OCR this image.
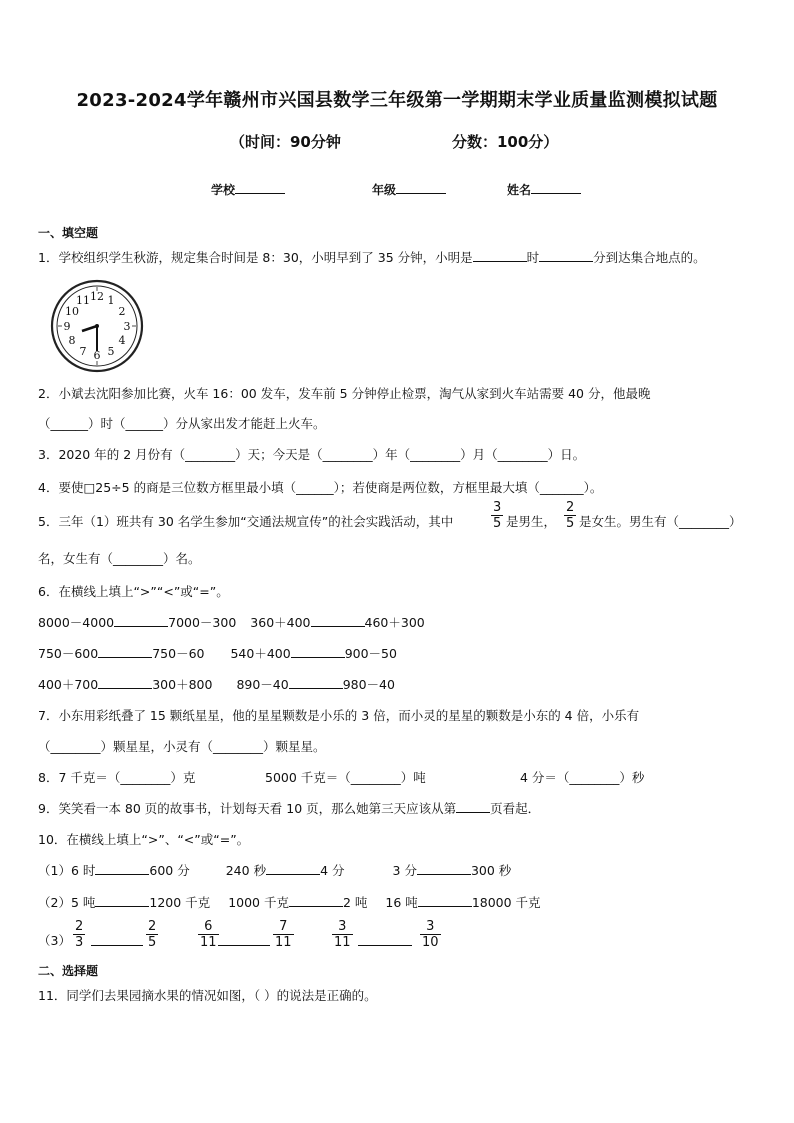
2023-2024学年赣州市兴国县数学三年级第一学期期末学业质量监测模拟试题
（时间：90分钟	分数：100分）
学校	年级	姓名
一、填空题
1．学校组织学生秋游，规定集合时间是 8：30，小明早到了 35 分钟，小明是	时	分到达集合地点的。
12
11 1
10	2
9	3
8	4
7 5
6
2．小斌去沈阳参加比赛，火车 16：00 发车，发车前 5 分钟停止检票，淘气从家到火车站需要 40 分，他最晚
（______）时（______）分从家出发才能赶上火车。
3．2020 年的 2 月份有（________）天；今天是（________）年（________）月（________）日。
4．要使□25÷5 的商是三位数方框里最小填（______）；若使商是两位数，方框里最大填（_______）。
5．三年（1）班共有 30 名学生参加“交通法规宣传”的社会实践活动，其中	$\frac{3}{5}$ 是男生， $\frac{2}{5}$ 是女生。男生有（________）
名，女生有（________）名。
6．在横线上填上“>”“<”或“=”。
8000－4000	7000－300 360＋400	460＋300
750－600	750－60 540＋400	900－50
400＋700	300＋800 890－40	980－40
7．小东用彩纸叠了 15 颗纸星星，他的星星颗数是小乐的 3 倍，而小灵的星星的颗数是小东的 4 倍，小乐有
（________）颗星星，小灵有（________）颗星星。
8．7 千克＝（________）克	5000 千克＝（________）吨	4 分＝（________）秒
9．笑笑看一本 80 页的故事书，计划每天看 10 页，那么她第三天应该从第	页看起．
10．在横线上填上“>”、“<”或“=”。
（1）6 时	600 分	240 秒	4 分	3 分	300 秒
（2）5 吨	1200 千克 1000 千克	2 吨 16 吨	18000 千克
$(3) \frac{2}{3}$	$\frac{2}{5}$	$\frac{6}{11}$	$\frac{7}{11}$	$\frac{3}{11}$	$\frac{3}{10}$
二、选择题
11．同学们去果园摘水果的情况如图，（ ）的说法是正确的。
